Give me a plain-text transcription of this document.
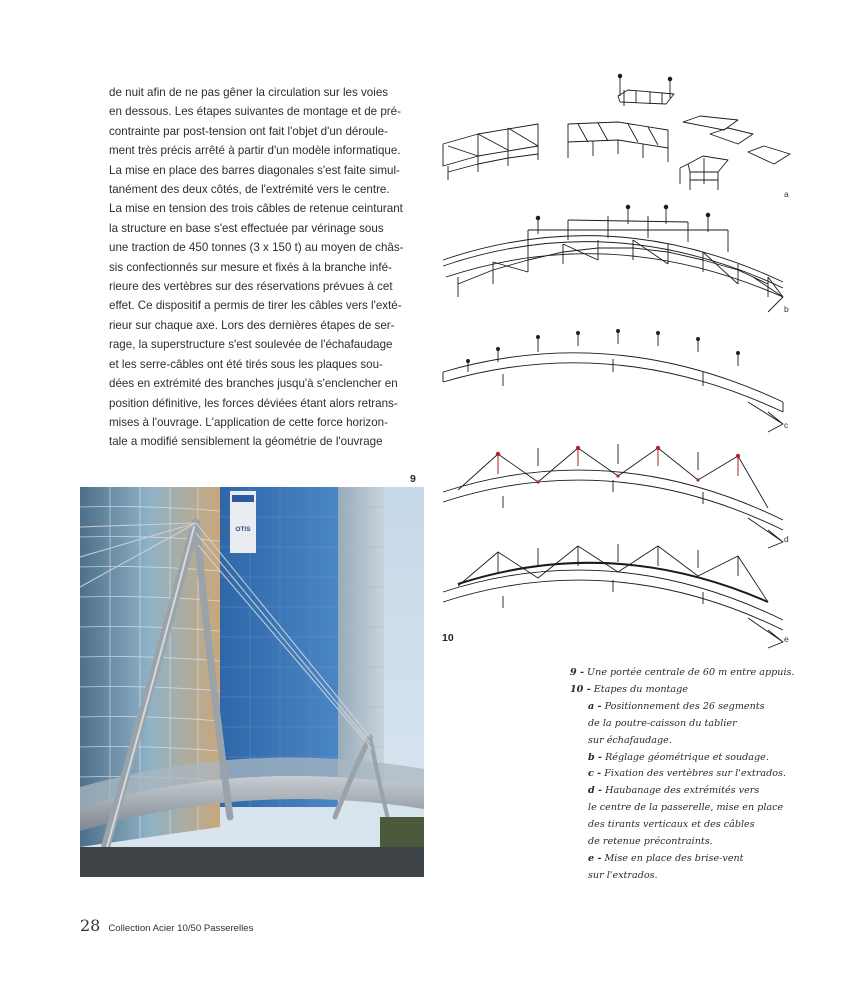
de nuit afin de ne pas gêner la circulation sur les voies

en dessous. Les étapes suivantes de montage et de pré-

contrainte par post-tension ont fait l'objet d'un déroule-

ment très précis arrêté à partir d'un modèle informatique.

La mise en place des barres diagonales s'est faite simul-

tanément des deux côtés, de l'extrémité vers le centre.

La mise en tension des trois câbles de retenue ceinturant

la structure en base s'est effectuée par vérinage sous

une traction de 450 tonnes (3 x 150 t) au moyen de châs-

sis confectionnés sur mesure et fixés à la branche infé-

rieure des vertèbres sur des réservations prévues à cet

effet. Ce dispositif a permis de tirer les câbles vers l'exté-

rieur sur chaque axe. Lors des dernières étapes de ser-

rage, la superstructure s'est soulevée de l'échafaudage

et les serre-câbles ont été tirés sous les plaques sou-

dées en extrémité des branches jusqu'à s'enclencher en

position définitive, les forces déviées étant alors retrans-

mises à l'ouvrage. L'application de cette force horizon-

tale a modifié sensiblement la géométrie de l'ouvrage

9
OTIS
a
b
c
d
e
10
9 - Une portée centrale de 60 m entre appuis.
10 - Etapes du montage
a - Positionnement des 26 segments
de la poutre-caisson du tablier
sur échafaudage.
b - Réglage géométrique et soudage.
c - Fixation des vertèbres sur l'extrados.
d - Haubanage des extrémités vers
le centre de la passerelle, mise en place
des tirants verticaux et des câbles
de retenue précontraints.
e - Mise en place des brise-vent
sur l'extrados.
28 Collection Acier 10/50 Passerelles
